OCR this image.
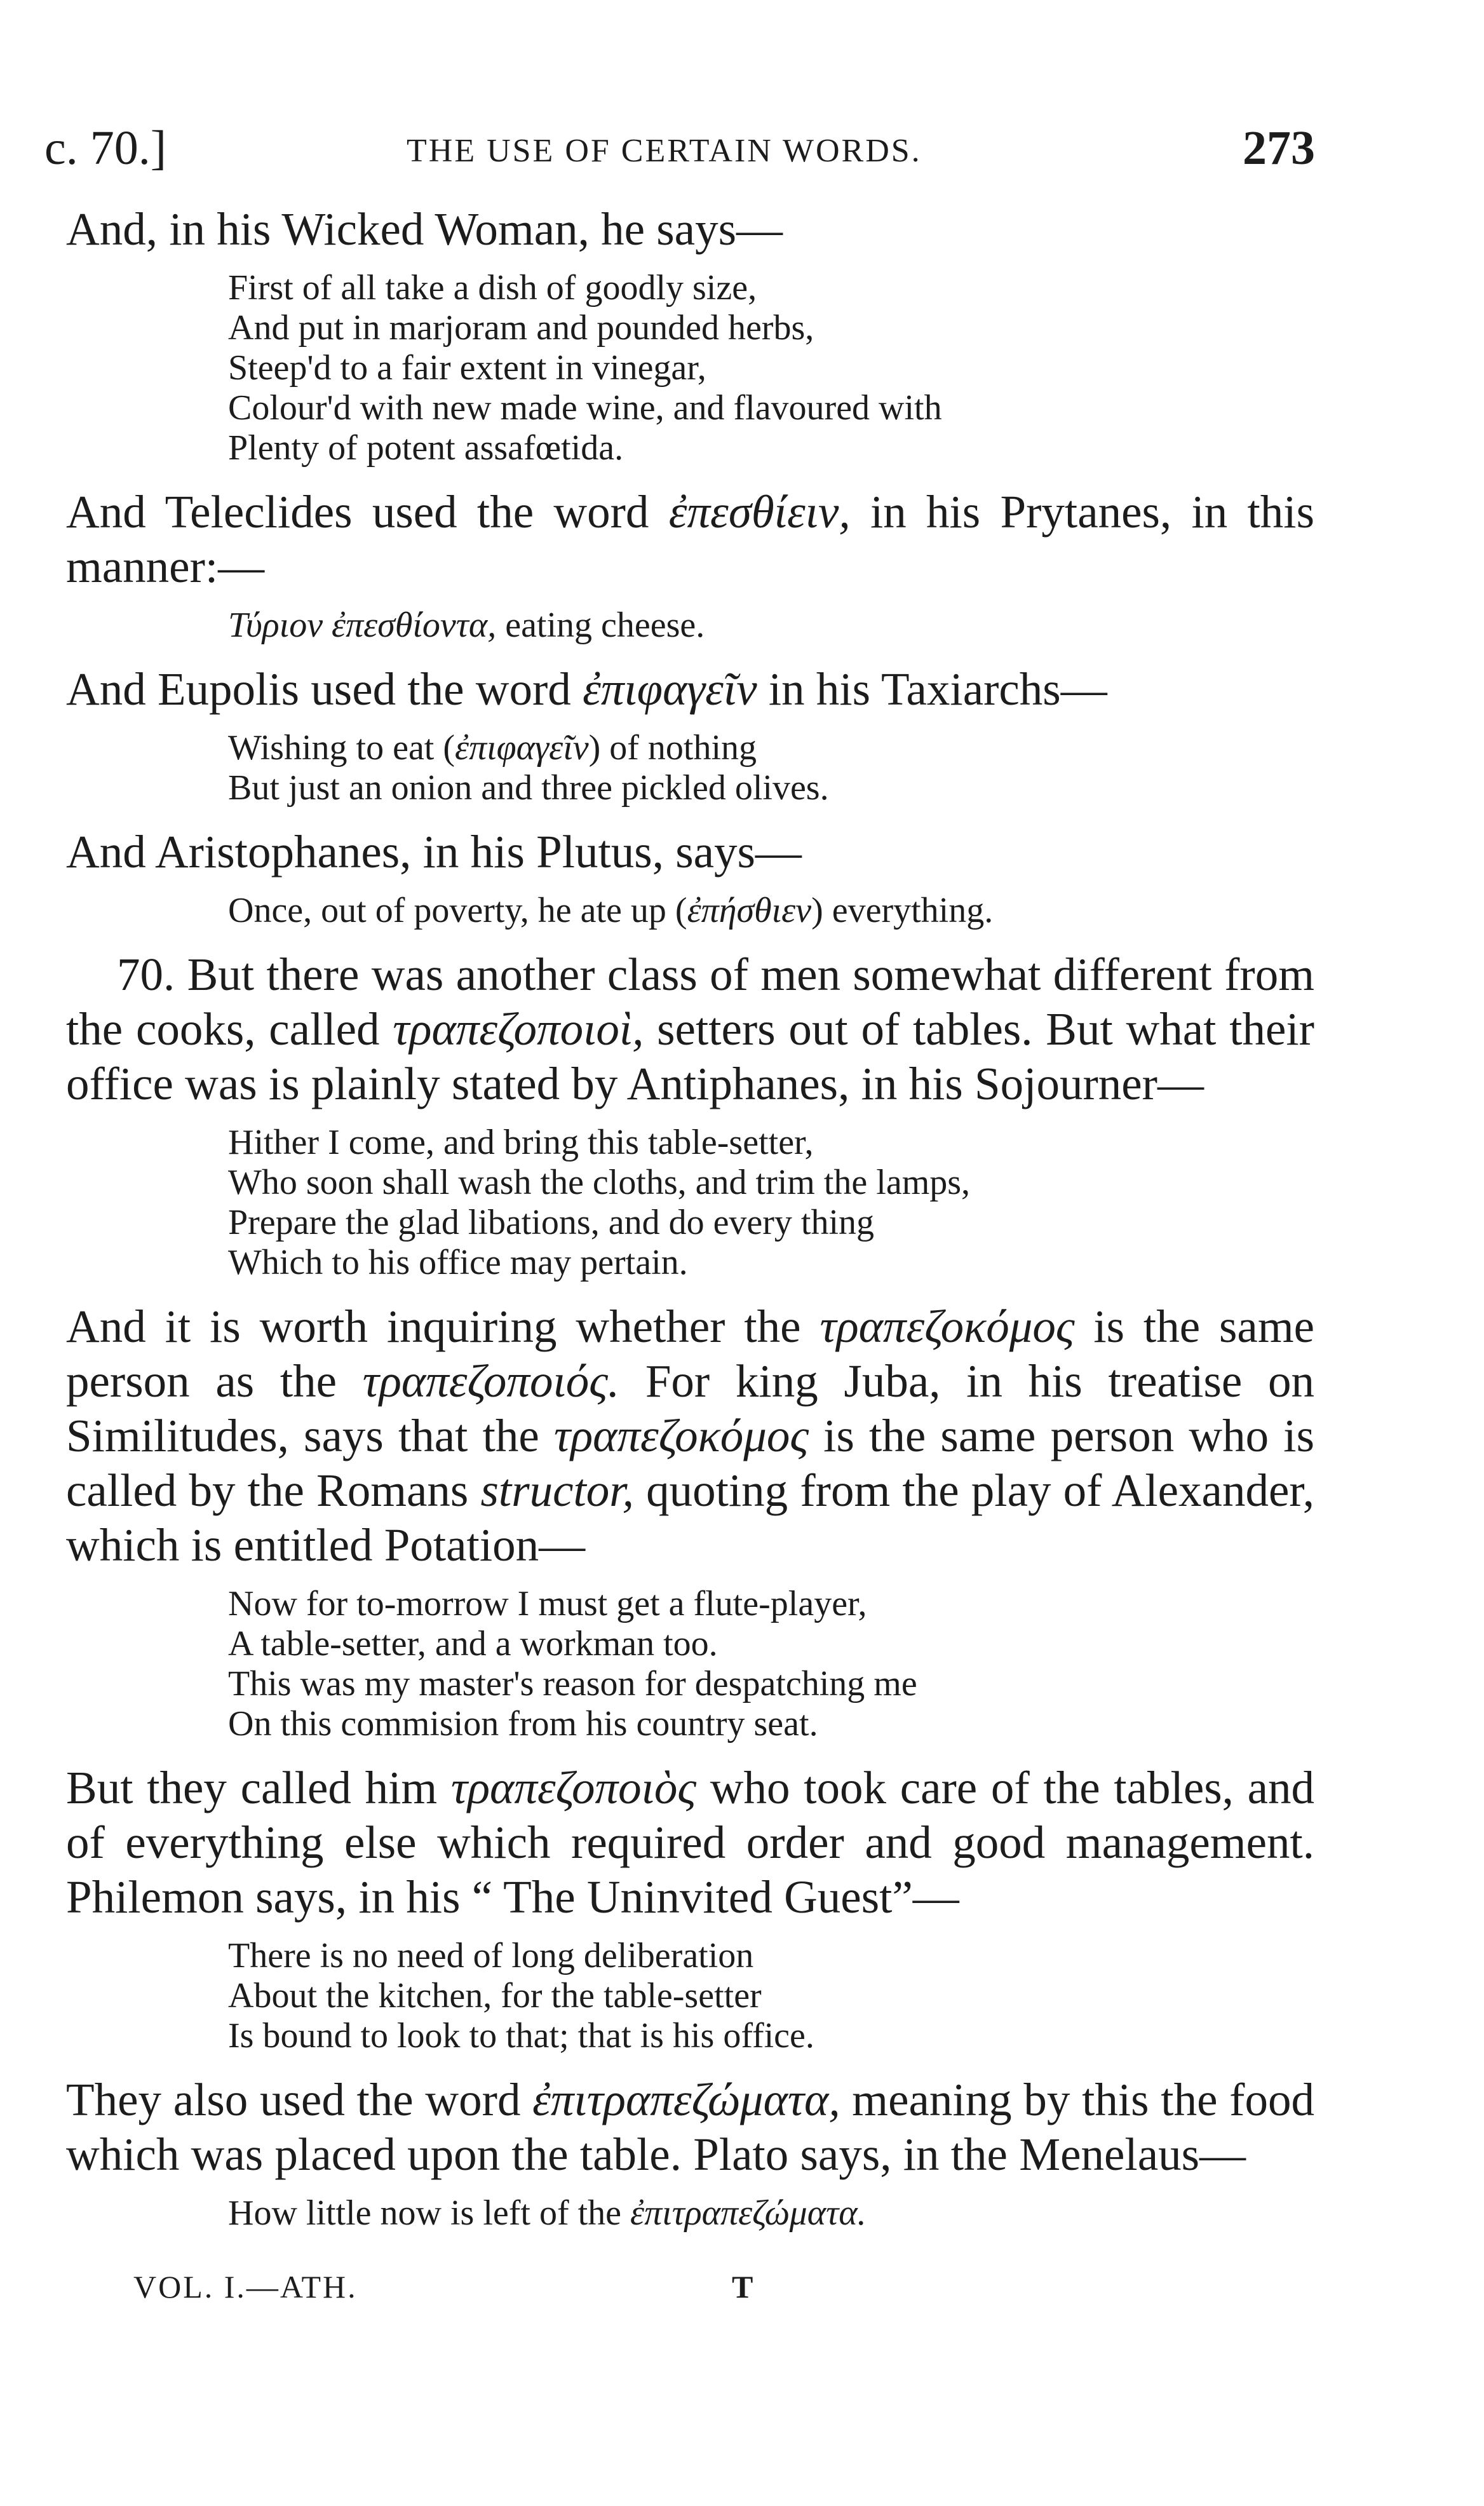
c. 70.]	THE USE OF CERTAIN WORDS.	273

And, in his Wicked Woman, he says—

First of all take a dish of goodly size,
And put in marjoram and pounded herbs,
Steep'd to a fair extent in vinegar,
Colour'd with new made wine, and flavoured with
Plenty of potent assafœtida.

And Teleclides used the word ἐπεσθίειν, in his Prytanes, in this manner:—

Τύριον ἐπεσθίοντα, eating cheese.

And Eupolis used the word ἐπιφαγεῖν in his Taxiarchs—

Wishing to eat (ἐπιφαγεῖν) of nothing
But just an onion and three pickled olives.

And Aristophanes, in his Plutus, says—

Once, out of poverty, he ate up (ἐπήσθιεν) everything.

70. But there was another class of men somewhat different from the cooks, called τραπεζοποιοὶ, setters out of tables. But what their office was is plainly stated by Antiphanes, in his Sojourner—

Hither I come, and bring this table-setter,
Who soon shall wash the cloths, and trim the lamps,
Prepare the glad libations, and do every thing
Which to his office may pertain.

And it is worth inquiring whether the τραπεζοκόμος is the same person as the τραπεζοποιός. For king Juba, in his treatise on Similitudes, says that the τραπεζοκόμος is the same person who is called by the Romans structor, quoting from the play of Alexander, which is entitled Potation—

Now for to-morrow I must get a flute-player,
A table-setter, and a workman too.
This was my master's reason for despatching me
On this commision from his country seat.

But they called him τραπεζοποιὸς who took care of the tables, and of everything else which required order and good management. Philemon says, in his “ The Uninvited Guest”—

There is no need of long deliberation
About the kitchen, for the table-setter
Is bound to look to that; that is his office.

They also used the word ἐπιτραπεζώματα, meaning by this the food which was placed upon the table. Plato says, in the Menelaus—

How little now is left of the ἐπιτραπεζώματα.
VOL. I.—ATH.	T
